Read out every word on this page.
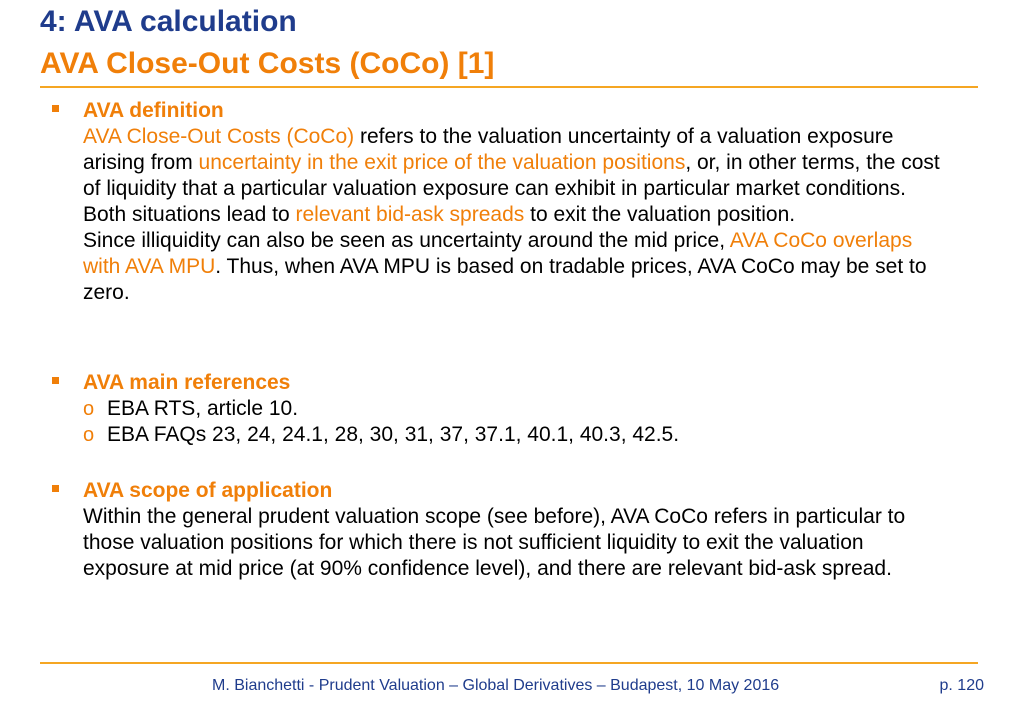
4: AVA calculation
AVA Close-Out Costs (CoCo) [1]
AVA definition
AVA Close-Out Costs (CoCo) refers to the valuation uncertainty of a valuation exposure arising from uncertainty in the exit price of the valuation positions, or, in other terms, the cost of liquidity that a particular valuation exposure can exhibit in particular market conditions. Both situations lead to relevant bid-ask spreads to exit the valuation position.
Since illiquidity can also be seen as uncertainty around the mid price, AVA CoCo overlaps with AVA MPU. Thus, when AVA MPU is based on tradable prices, AVA CoCo may be set to zero.
AVA main references
o EBA RTS, article 10.
o EBA FAQs 23, 24, 24.1, 28, 30, 31, 37, 37.1, 40.1, 40.3, 42.5.
AVA scope of application
Within the general prudent valuation scope (see before), AVA CoCo refers in particular to those valuation positions for which there is not sufficient liquidity to exit the valuation exposure at mid price (at 90% confidence level), and there are relevant bid-ask spread.
M. Bianchetti - Prudent Valuation – Global Derivatives – Budapest, 10 May 2016	p. 120
